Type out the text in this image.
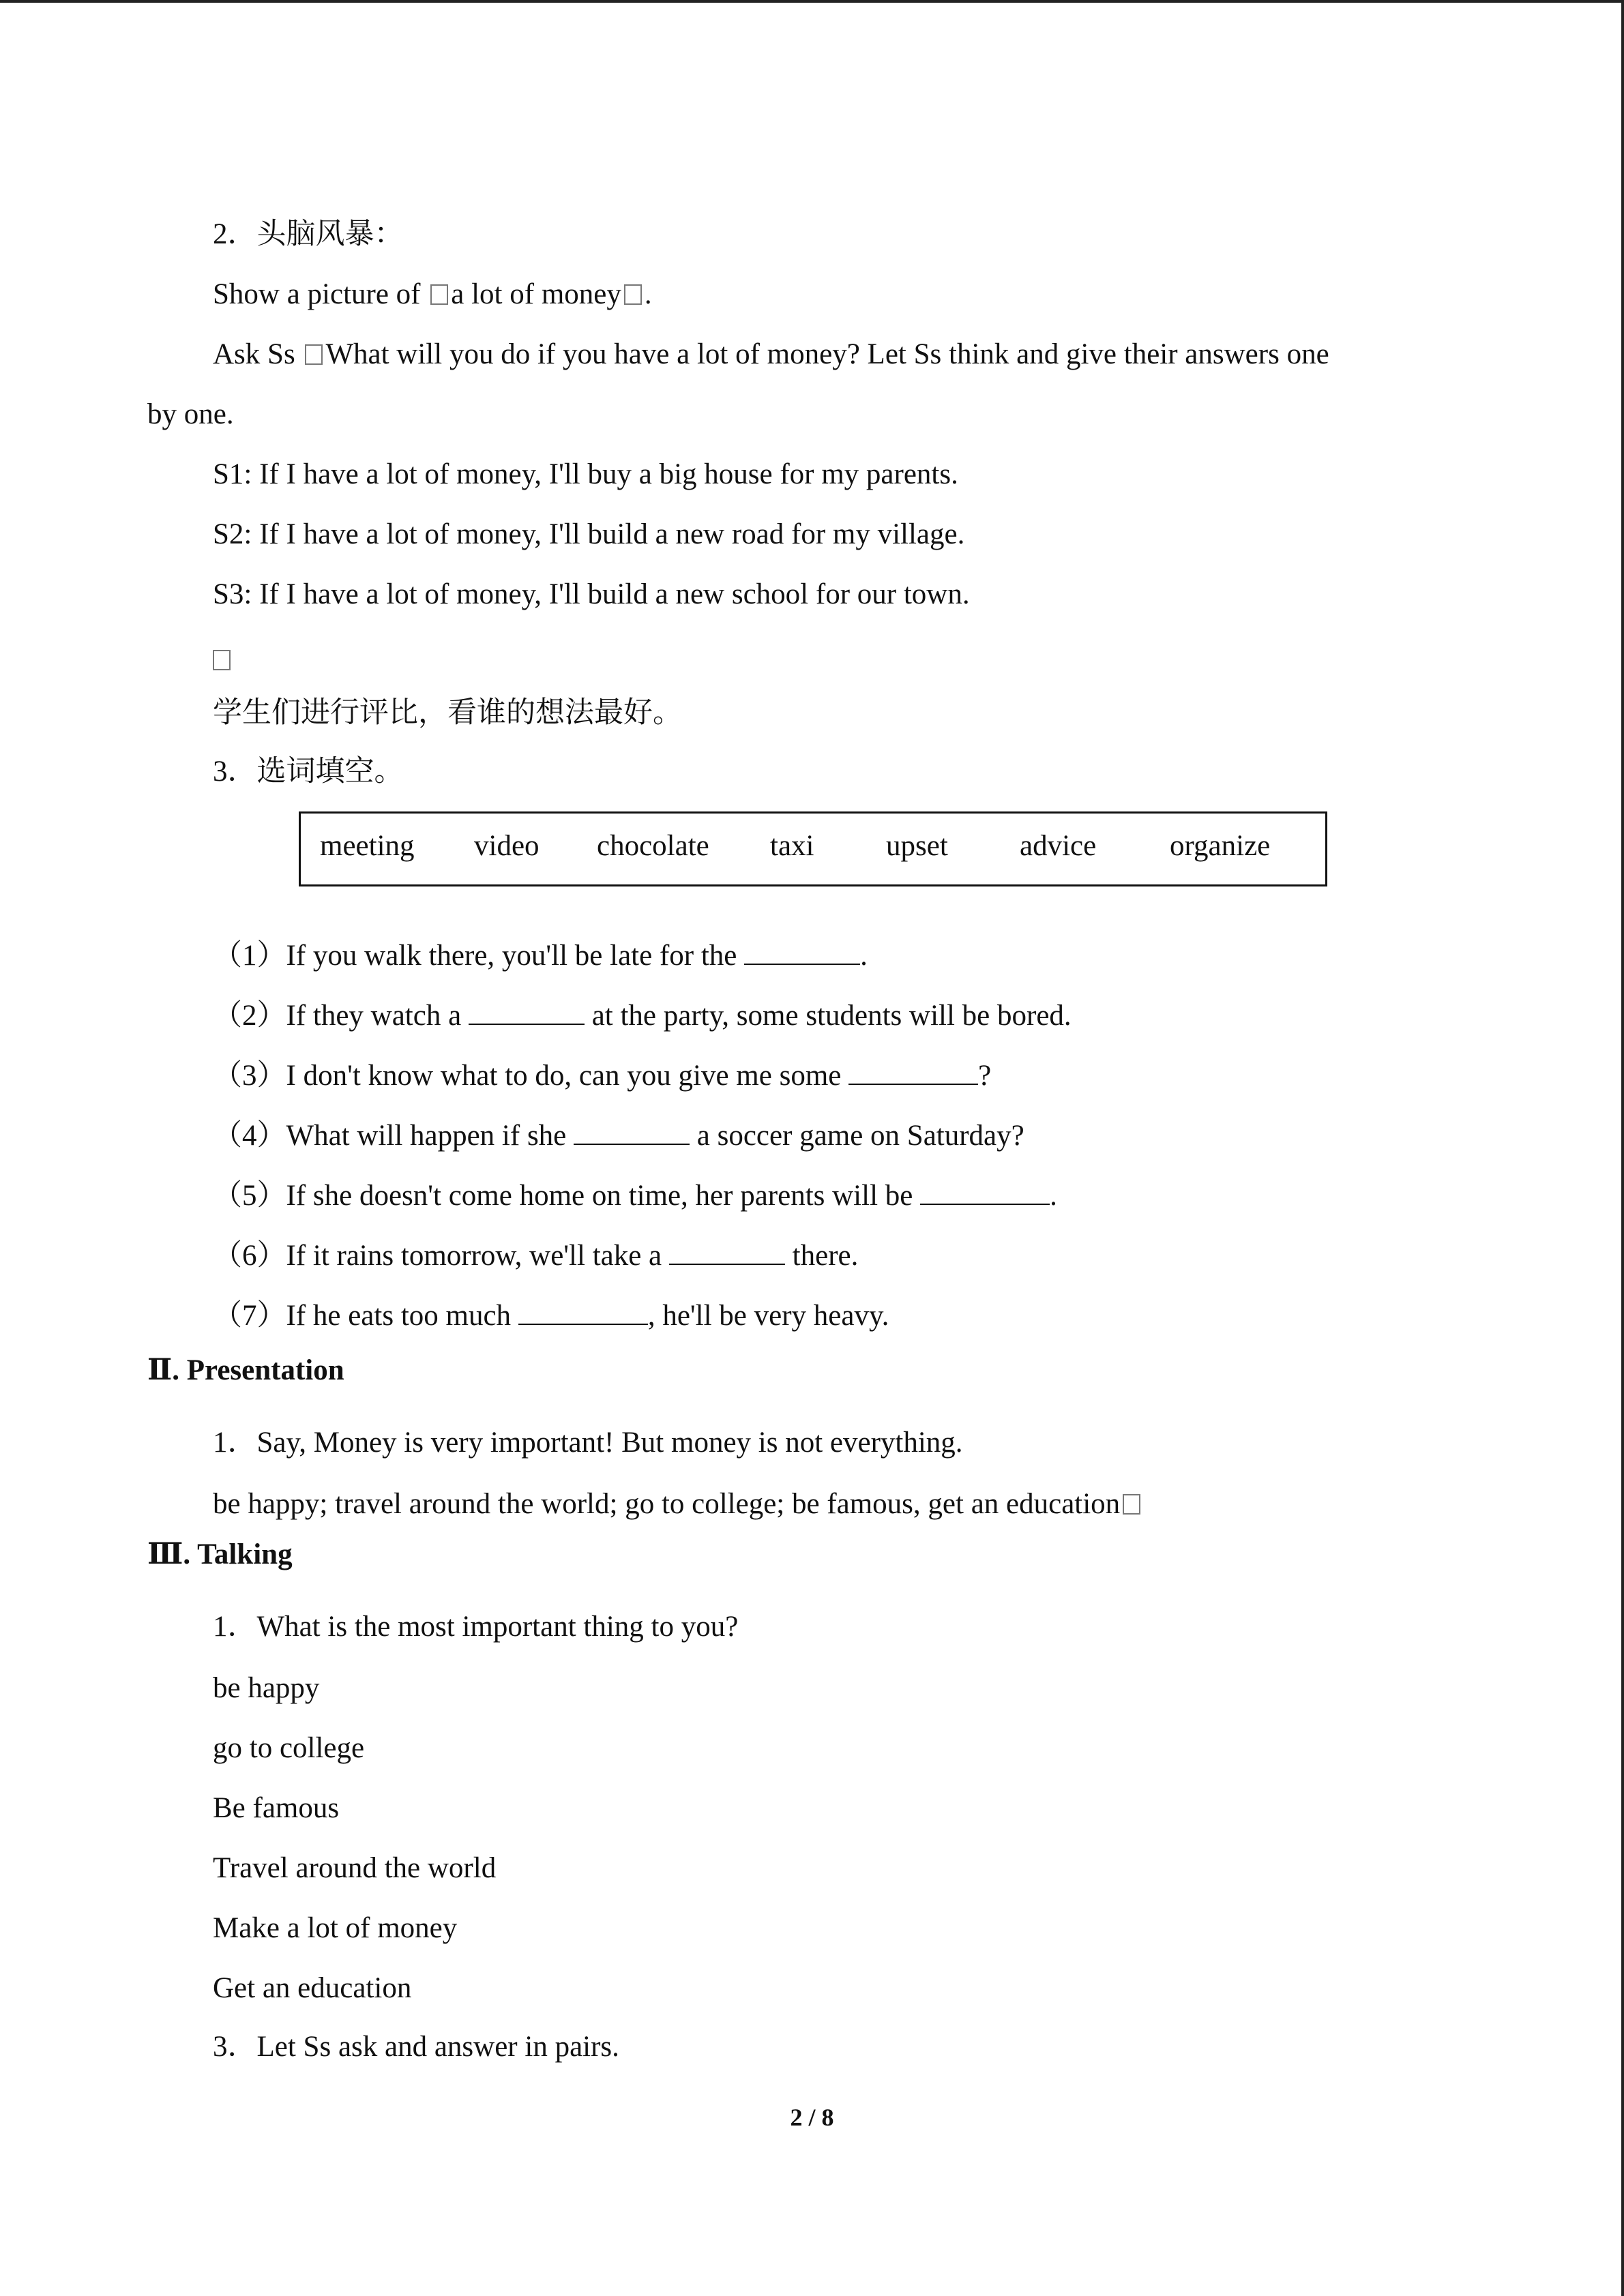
2．头脑风暴：
Show a picture of a lot of money .
Ask Ss What will you do if you have a lot of money? Let Ss think and give their answers one
by one.
S1: If I have a lot of money, I'll buy a big house for my parents.
S2: If I have a lot of money, I'll build a new road for my village.
S3: If I have a lot of money, I'll build a new school for our town.
学生们进行评比，看谁的想法最好。
3．选词填空。
meeting video chocolate taxi upset advice	organize
（1）If you walk there, you'll be late for the	.
（2）If they watch a	at the party, some students will be bored.
（3）I don't know what to do, can you give me some	?
（4）What will happen if she	a soccer game on Saturday?
（5）If she doesn't come home on time, her parents will be	.
（6）If it rains tomorrow, we'll take a	there.
（7）If he eats too much	, he'll be very heavy.
Ⅱ. Presentation
1．Say, Money is very important! But money is not everything.
be happy; travel around the world; go to college; be famous, get an education
Ⅲ. Talking
1．What is the most important thing to you?
be happy
go to college
Be famous
Travel around the world
Make a lot of money
Get an education
3．Let Ss ask and answer in pairs.
2 / 8
